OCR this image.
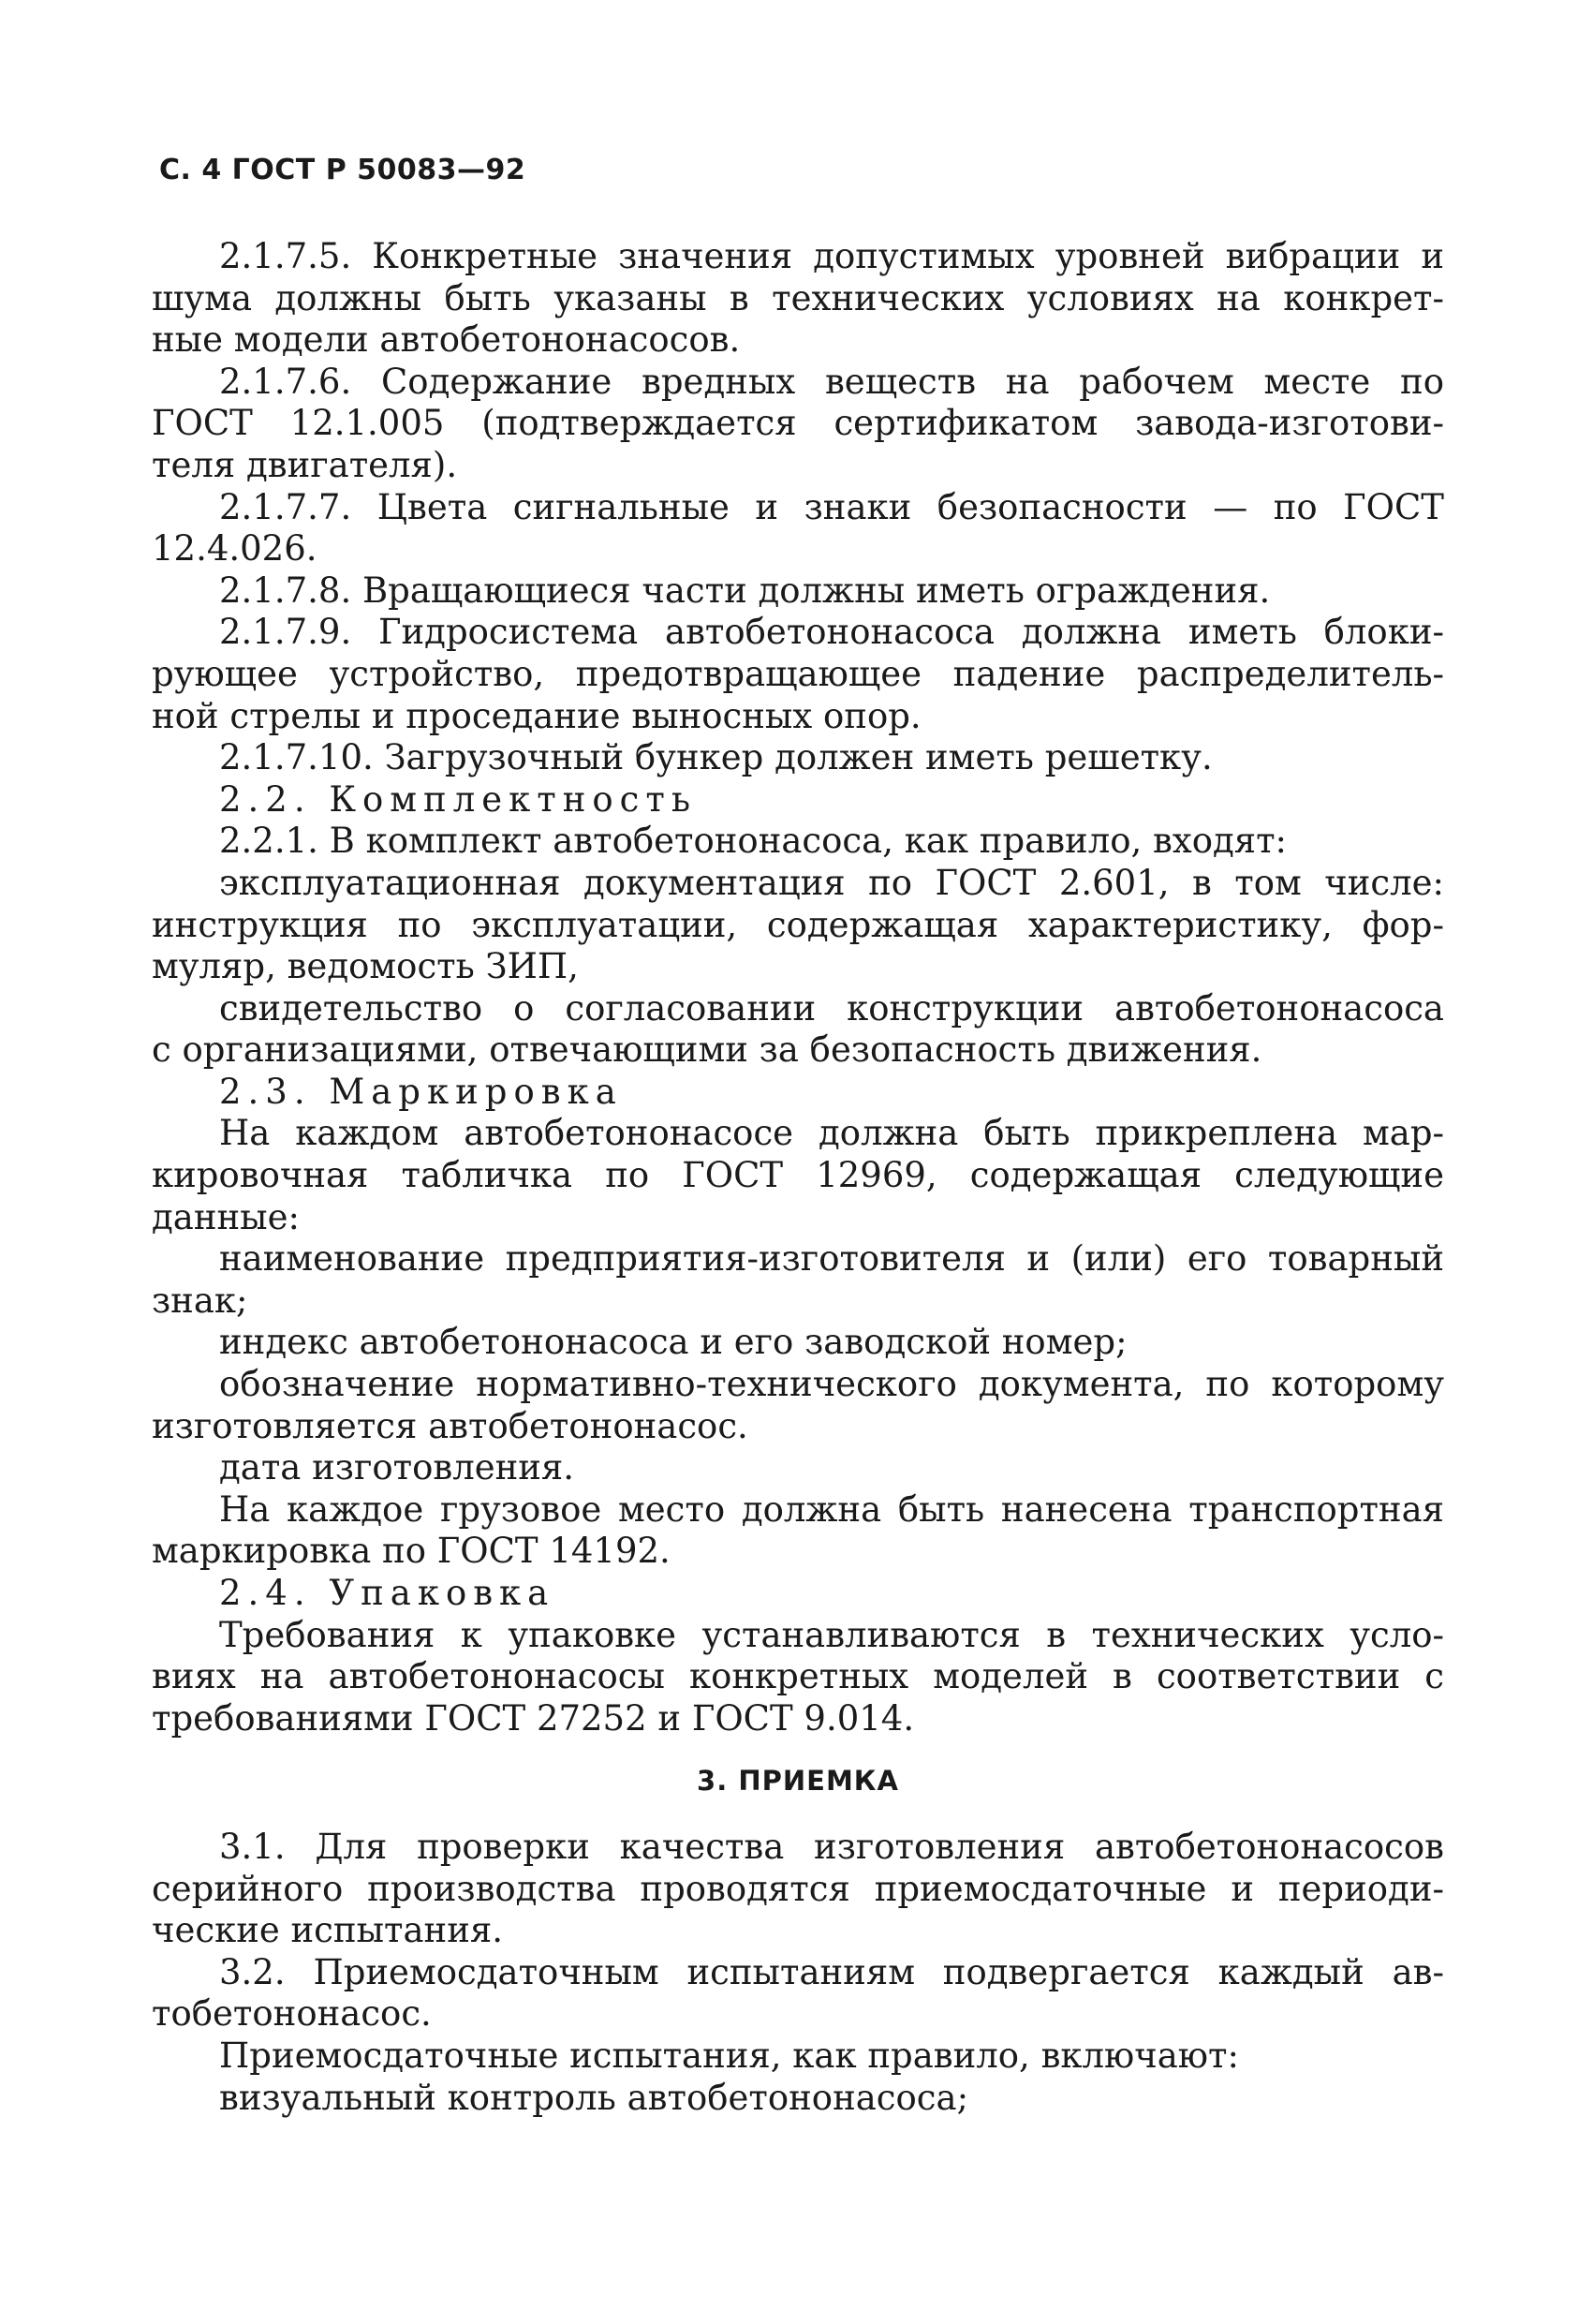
С. 4 ГОСТ Р 50083—92
2.1.7.5. Конкретные значения допустимых уровней вибрации и
шума должны быть указаны в технических условиях на конкрет-
ные модели автобетононасосов.
2.1.7.6. Содержание вредных веществ на рабочем месте по
ГОСТ 12.1.005 (подтверждается сертификатом завода-изготови-
теля двигателя).
2.1.7.7. Цвета сигнальные и знаки безопасности — по ГОСТ
12.4.026.
2.1.7.8. Вращающиеся части должны иметь ограждения.
2.1.7.9. Гидросистема автобетононасоса должна иметь блоки-
рующее устройство, предотвращающее падение распределитель-
ной стрелы и проседание выносных опор.
2.1.7.10. Загрузочный бункер должен иметь решетку.
2.2. Комплектность
2.2.1. В комплект автобетононасоса, как правило, входят:
эксплуатационная документация по ГОСТ 2.601, в том числе:
инструкция по эксплуатации, содержащая характеристику, фор-
муляр, ведомость ЗИП,
свидетельство о согласовании конструкции автобетононасоса
с организациями, отвечающими за безопасность движения.
2.3. Маркировка
На каждом автобетононасосе должна быть прикреплена мар-
кировочная табличка по ГОСТ 12969, содержащая следующие
данные:
наименование предприятия-изготовителя и (или) его товарный
знак;
индекс автобетононасоса и его заводской номер;
обозначение нормативно-технического документа, по которому
изготовляется автобетононасос.
дата изготовления.
На каждое грузовое место должна быть нанесена транспортная
маркировка по ГОСТ 14192.
2.4. Упаковка
Требования к упаковке устанавливаются в технических усло-
виях на автобетононасосы конкретных моделей в соответствии с
требованиями ГОСТ 27252 и ГОСТ 9.014.
3. ПРИЕМКА
3.1. Для проверки качества изготовления автобетононасосов
серийного производства проводятся приемосдаточные и периоди-
ческие испытания.
3.2. Приемосдаточным испытаниям подвергается каждый ав-
тобетононасос.
Приемосдаточные испытания, как правило, включают:
визуальный контроль автобетононасоса;
